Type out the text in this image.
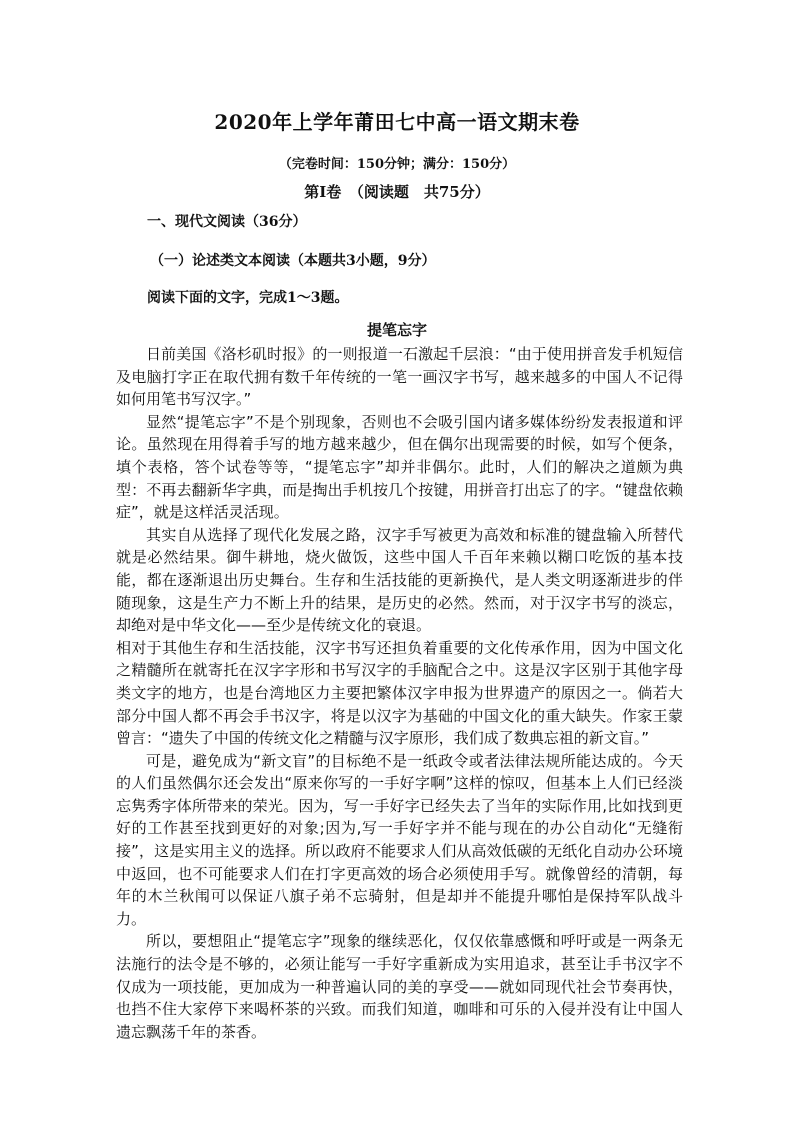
2020年上学年莆田七中高一语文期末卷
（完卷时间：150分钟；满分：150分）
第Ⅰ卷　 （阅读题　共75分）
一、现代文阅读（36分）
（一）论述类文本阅读（本题共3小题，9分）
阅读下面的文字，完成1～3题。
提笔忘字

日前美国《洛杉矶时报》的一则报道一石激起千层浪：“由于使用拼音发手机短信及电脑打字正在取代拥有数千年传统的一笔一画汉字书写，越来越多的中国人不记得如何用笔书写汉字。”

显然“提笔忘字”不是个别现象，否则也不会吸引国内诸多媒体纷纷发表报道和评论。虽然现在用得着手写的地方越来越少，但在偶尔出现需要的时候，如写个便条，填个表格，答个试卷等等，“提笔忘字”却并非偶尔。此时，人们的解决之道颇为典型：不再去翻新华字典，而是掏出手机按几个按键，用拼音打出忘了的字。“键盘依赖症”，就是这样活灵活现。

其实自从选择了现代化发展之路，汉字手写被更为高效和标准的键盘输入所替代就是必然结果。御牛耕地，烧火做饭，这些中国人千百年来赖以糊口吃饭的基本技能，都在逐渐退出历史舞台。生存和生活技能的更新换代，是人类文明逐渐进步的伴随现象，这是生产力不断上升的结果，是历史的必然。然而，对于汉字书写的淡忘，却绝对是中华文化——至少是传统文化的衰退。

相对于其他生存和生活技能，汉字书写还担负着重要的文化传承作用，因为中国文化之精髓所在就寄托在汉字字形和书写汉字的手脑配合之中。这是汉字区别于其他字母类文字的地方，也是台湾地区力主要把繁体汉字申报为世界遗产的原因之一。倘若大部分中国人都不再会手书汉字，将是以汉字为基础的中国文化的重大缺失。作家王蒙曾言：“遗失了中国的传统文化之精髓与汉字原形，我们成了数典忘祖的新文盲。”

可是，避免成为“新文盲”的目标绝不是一纸政令或者法律法规所能达成的。今天的人们虽然偶尔还会发出“原来你写的一手好字啊”这样的惊叹，但基本上人们已经淡忘隽秀字体所带来的荣光。因为，写一手好字已经失去了当年的实际作用,比如找到更好的工作甚至找到更好的对象;因为,写一手好字并不能与现在的办公自动化“无缝衔接”，这是实用主义的选择。所以政府不能要求人们从高效低碳的无纸化自动办公环境中返回，也不可能要求人们在打字更高效的场合必须使用手写。就像曾经的清朝，每年的木兰秋闱可以保证八旗子弟不忘骑射，但是却并不能提升哪怕是保持军队战斗力。

所以，要想阻止“提笔忘字”现象的继续恶化，仅仅依靠感慨和呼吁或是一两条无法施行的法令是不够的，必须让能写一手好字重新成为实用追求，甚至让手书汉字不仅成为一项技能，更加成为一种普遍认同的美的享受——就如同现代社会节奏再快，也挡不住大家停下来喝杯茶的兴致。而我们知道，咖啡和可乐的入侵并没有让中国人遗忘飘荡千年的茶香。
